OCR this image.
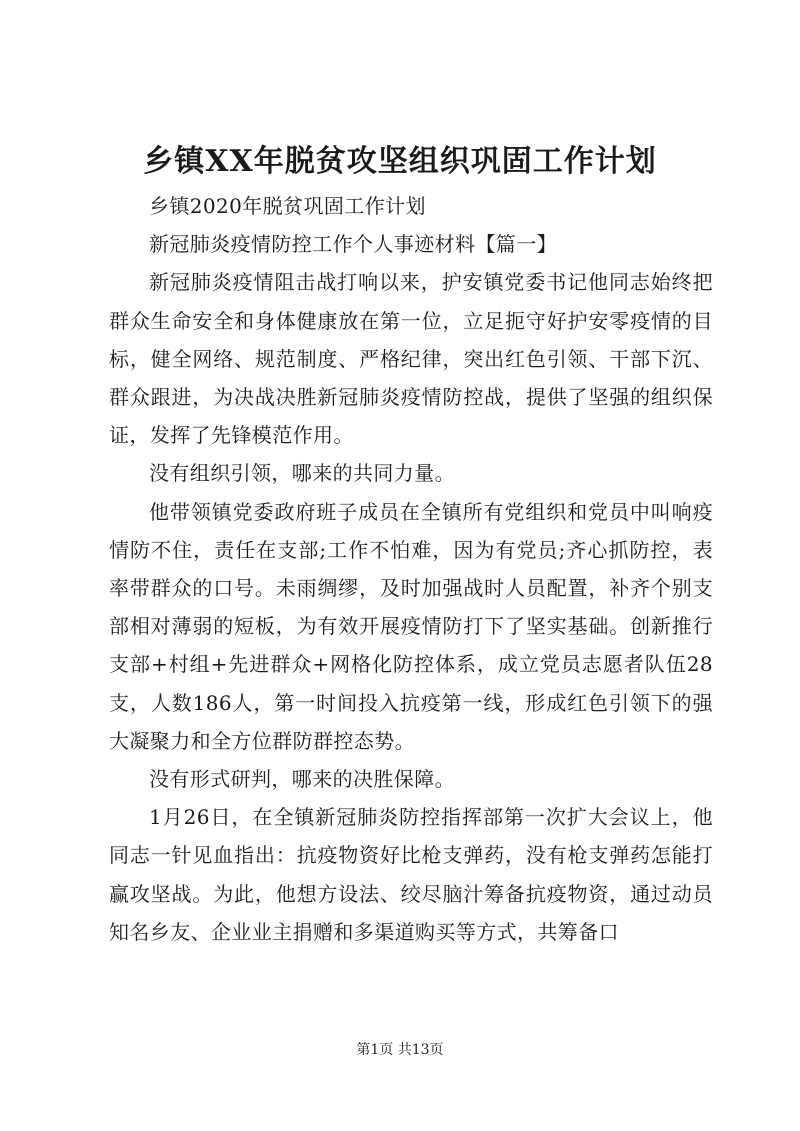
乡镇XX年脱贫攻坚组织巩固工作计划

乡镇2020年脱贫巩固工作计划

新冠肺炎疫情防控工作个人事迹材料【篇一】

新冠肺炎疫情阻击战打响以来，护安镇党委书记他同志始终把群众生命安全和身体健康放在第一位，立足扼守好护安零疫情的目标，健全网络、规范制度、严格纪律，突出红色引领、干部下沉、群众跟进，为决战决胜新冠肺炎疫情防控战，提供了坚强的组织保证，发挥了先锋模范作用。

没有组织引领，哪来的共同力量。

他带领镇党委政府班子成员在全镇所有党组织和党员中叫响疫情防不住，责任在支部;工作不怕难，因为有党员;齐心抓防控，表率带群众的口号。未雨绸缪，及时加强战时人员配置，补齐个别支部相对薄弱的短板，为有效开展疫情防打下了坚实基础。创新推行支部+村组+先进群众+网格化防控体系，成立党员志愿者队伍28支，人数186人，第一时间投入抗疫第一线，形成红色引领下的强大凝聚力和全方位群防群控态势。

没有形式研判，哪来的决胜保障。

1月26日，在全镇新冠肺炎防控指挥部第一次扩大会议上，他同志一针见血指出：抗疫物资好比枪支弹药，没有枪支弹药怎能打赢攻坚战。为此，他想方设法、绞尽脑汁筹备抗疫物资，通过动员知名乡友、企业业主捐赠和多渠道购买等方式，共筹备口

第1页 共13页
